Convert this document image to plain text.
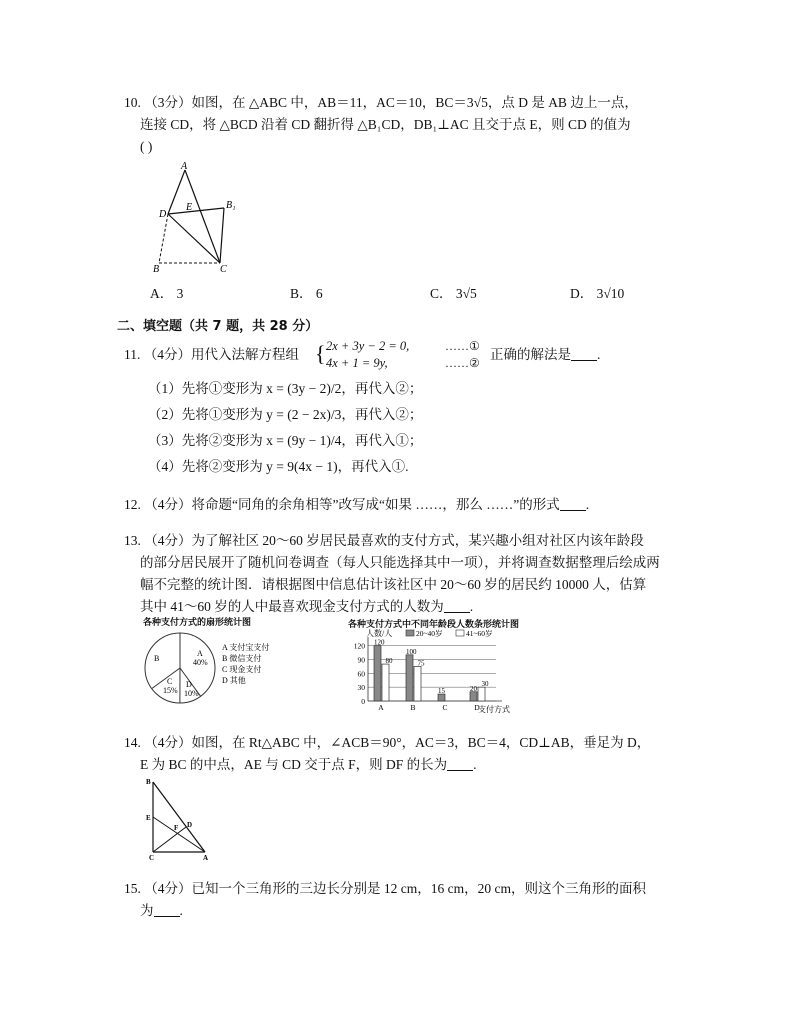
10. （3分）如图，在 △ABC 中，AB＝11，AC＝10，BC＝3√5，点 D 是 AB 边上一点，
连接 CD，将 △BCD 沿着 CD 翻折得 △B₁CD，DB₁⊥AC 且交于点 E，则 CD 的值为
( )
A
D
E	B₁
B	C
A． 3	B． 6	C． 3√5	D． 3√10
二、填空题（共 7 题，共 28 分）
11. （4分）用代入法解方程组 { 2x + 3y − 2 = 0,
4x + 1 = 9y,
……①
……②
正确的解法是 .
（1）先将①变形为 x = (3y − 2)/2，再代入②；
（2）先将①变形为 y = (2 − 2x)/3，再代入②；
（3）先将②变形为 x = (9y − 1)/4，再代入①；
（4）先将②变形为 y = 9(4x − 1)，再代入①.
12. （4分）将命题“同角的余角相等”改写成“如果 ……，那么 ……”的形式 .
13. （4分）为了解社区 20～60 岁居民最喜欢的支付方式，某兴趣小组对社区内该年龄段
的部分居民展开了随机问卷调查（每人只能选择其中一项），并将调查数据整理后绘成两
幅不完整的统计图．请根据图中信息估计该社区中 20～60 岁的居民约 10000 人，估算
其中 41～60 岁的人中最喜欢现金支付方式的人数为 .
各种支付方式的扇形统计图
A
40%
B
C
15%
D
10%
A 支付宝支付
B 微信支付
C 现金支付
D 其他
各种支付方式中不同年龄段人数条形统计图
人数/人	20~40岁	41~60岁
0
30
60
90
120 120
80
A
100
75
B
15
C
20
30
D
支付方式
14. （4分）如图，在 Rt△ABC 中，∠ACB＝90°，AC＝3，BC＝4，CD⊥AB，垂足为 D，
E 为 BC 的中点，AE 与 CD 交于点 F，则 DF 的长为 .
B
E
F D
C	A
15. （4分）已知一个三角形的三边长分别是 12 cm，16 cm，20 cm，则这个三角形的面积
为 .
